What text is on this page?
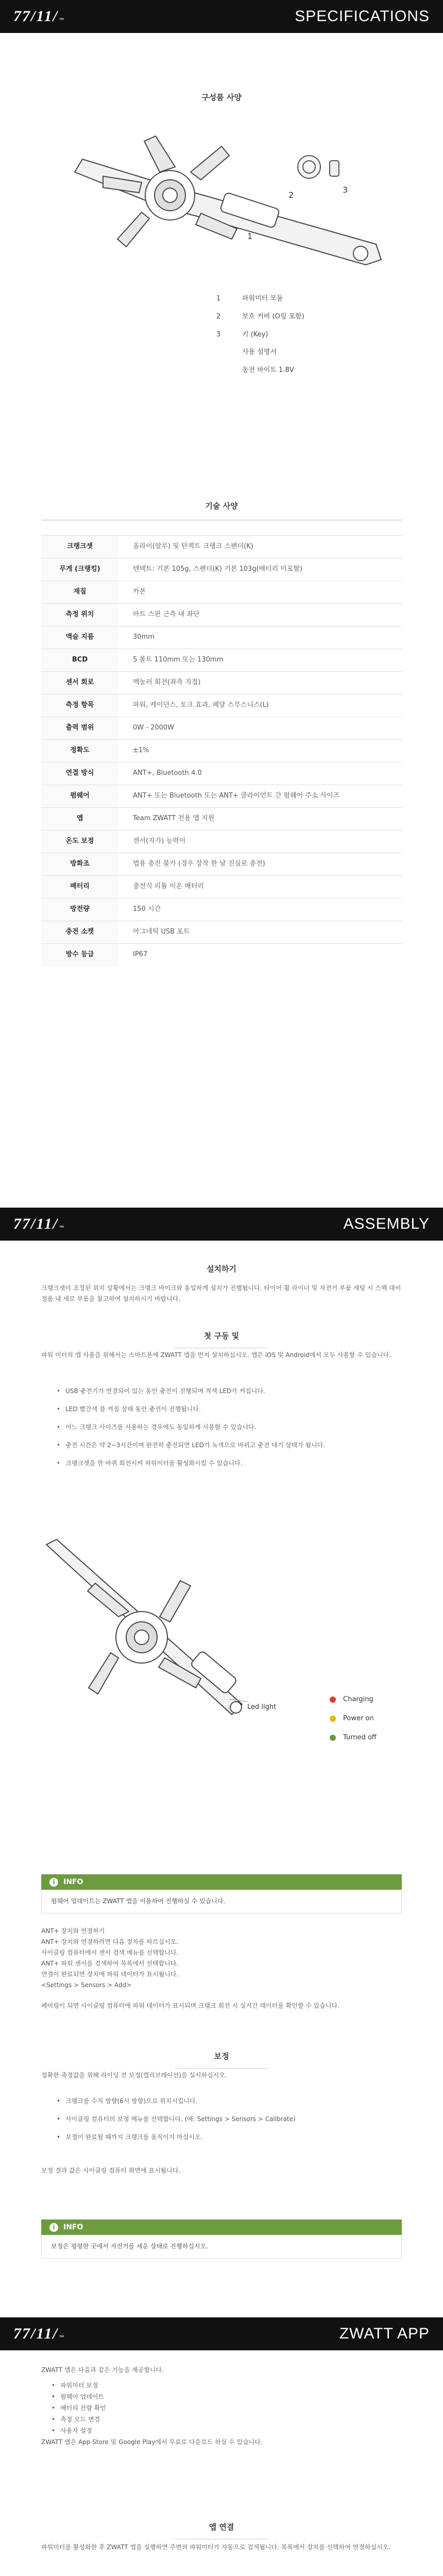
77/11/ ™	SPECIFICATIONS
구성품 사양
1
2
3
1	파워미터 모듈
2	보호 커버 (O링 포함)
3	키 (Key)
사용 설명서
동전 바이트 1.8V
기술 사양
크랭크셋	올라이(알루) 및 탄젝트 크랭크 스펜더(K)
무게 (크랭킹)	텐텍트: 기본 105g, 스펜더(K) 기본 103g(배터리 미포함)
재질	카본
측정 위치	바트 스핀 근측 내 좌단
액슬 지름	30mm
BCD	5 볼트 110mm 또는 130mm
센서 회로	멕놀러 회전(좌측 직접)
측정 항목	파워, 케이던스, 토크 효과, 페달 스무스니스(L)
출력 범위	0W - 2000W
정확도	±1%
연결 방식	ANT+, Bluetooth 4.0
펌웨어	ANT+ 또는 Bluetooth 또는 ANT+ 클라이언트 간 펌웨어 주소 사이즈
앱	Team ZWATT 전용 앱 지원
온도 보정	센서(자가) 능력이
방화조	법용 충전 불가 (경우 장착 한 날 진실로 충전)
배터리	충전식 리튬 이온 배터리
방전량	150 시간
충전 소켓	마그네틱 USB 포트
방수 등급	IP67
77/11/ ™	ASSEMBLY
설치하기

크랭크셋이 조정된 위치 상황에서는 크랭크 바이크와 동일하게 설치가 진행됩니다. 타이어 휠 라이너 및 자전거 부품 세팅 시 스펙 대비 정품 내 세로 부품을 참고하여 설치하시기 바랍니다.

첫 구동 및

파워 미터의 앱 사용을 위해서는 스마트폰에 ZWATT 앱을 먼저 설치하십시오. 앱은 iOS 및 Android에서 모두 사용할 수 있습니다.

• USB 충전기가 연결되어 있는 동안 충전이 진행되며 적색 LED가 켜집니다.
• LED 빨간색 불 켜짐 상태 동안 충전이 진행됩니다.
• 어느 크랭크 사이즈를 사용하는 경우에도 동일하게 사용할 수 있습니다.
• 충전 시간은 약 2~3시간이며 완전히 충전되면 LED가 녹색으로 바뀌고 충전 대기 상태가 됩니다.
• 크랭크셋을 한 바퀴 회전시켜 파워미터를 활성화시킬 수 있습니다.
Led light
Charging
Power on
Turned off
i	INFO
펌웨어 업데이트는 ZWATT 앱을 이용하여 진행하실 수 있습니다.
ANT+ 장치와 연결하기
ANT+ 장치와 연결하려면 다음 절차를 따르십시오.
사이클링 컴퓨터에서 센서 검색 메뉴를 선택합니다.
ANT+ 파워 센서를 검색하여 목록에서 선택합니다.
연결이 완료되면 장치에 파워 데이터가 표시됩니다.
<Settings > Sensors > Add>

페어링이 되면 사이클링 컴퓨터에 파워 데이터가 표시되며 크랭크 회전 시 실시간 데이터를 확인할 수 있습니다.

보정

정확한 측정값을 위해 라이딩 전 보정(캘리브레이션)을 실시하십시오.

• 크랭크를 수직 방향(6시 방향)으로 위치시킵니다.
• 사이클링 컴퓨터의 보정 메뉴를 선택합니다. (예: Settings > Sensors > Calibrate)
• 보정이 완료될 때까지 크랭크를 움직이지 마십시오.

보정 결과 값은 사이클링 컴퓨터 화면에 표시됩니다.

i	INFO
보정은 평평한 곳에서 자전거를 세운 상태로 진행하십시오.
77/11/ ™	ZWATT APP

ZWATT 앱은 다음과 같은 기능을 제공합니다.

• 파워미터 보정
• 펌웨어 업데이트
• 배터리 잔량 확인
• 측정 모드 변경
• 사용자 설정

ZWATT 앱은 App Store 및 Google Play에서 무료로 다운로드 하실 수 있습니다.

앱 연결

파워미터를 활성화한 후 ZWATT 앱을 실행하면 주변의 파워미터가 자동으로 검색됩니다. 목록에서 장치를 선택하여 연결하십시오.
